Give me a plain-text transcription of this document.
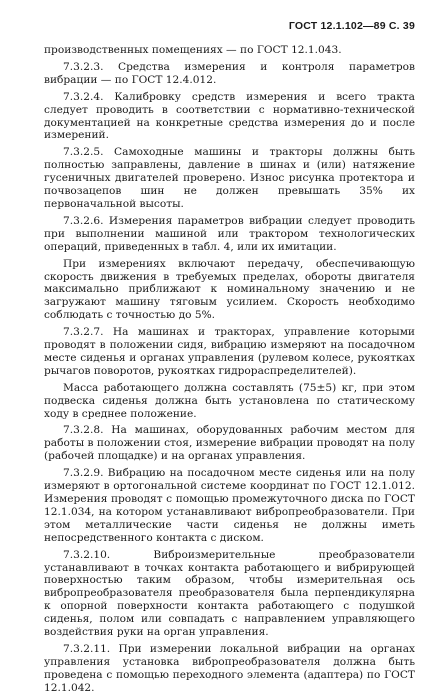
ГОСТ 12.1.102—89 С. 39

производственных помещениях — по ГОСТ 12.1.043.

7.3.2.3. Средства измерения и контроля параметров вибрации — по ГОСТ 12.4.012.

7.3.2.4. Калибровку средств измерения и всего тракта следует проводить в соответствии с нормативно-технической документацией на конкретные средства измерения до и после измерений.

7.3.2.5. Самоходные машины и тракторы должны быть полностью заправлены, давление в шинах и (или) натяжение гусеничных двигателей проверено. Износ рисунка протектора и почвозацепов шин не должен превышать 35% их первоначальной высоты.

7.3.2.6. Измерения параметров вибрации следует проводить при выполнении машиной или трактором технологических операций, приведенных в табл. 4, или их имитации.

При измерениях включают передачу, обеспечивающую скорость движения в требуемых пределах, обороты двигателя максимально приближают к номинальному значению и не загружают машину тяговым усилием. Скорость необходимо соблюдать с точностью до 5%.

7.3.2.7. На машинах и тракторах, управление которыми проводят в положении сидя, вибрацию измеряют на посадочном месте сиденья и органах управления (рулевом колесе, рукоятках рычагов поворотов, рукоятках гидрораспределителей).

Масса работающего должна составлять (75±5) кг, при этом подвеска сиденья должна быть установлена по статическому ходу в среднее положение.

7.3.2.8. На машинах, оборудованных рабочим местом для работы в положении стоя, измерение вибрации проводят на полу (рабочей площадке) и на органах управления.

7.3.2.9. Вибрацию на посадочном месте сиденья или на полу измеряют в ортогональной системе координат по ГОСТ 12.1.012. Измерения проводят с помощью промежуточного диска по ГОСТ 12.1.034, на котором устанавливают вибропреобразователи. При этом металлические части сиденья не должны иметь непосредственного контакта с диском.

7.3.2.10. Виброизмерительные преобразователи устанавливают в точках контакта работающего и вибрирующей поверхностью таким образом, чтобы измерительная ось вибропреобразователя преобразователя была перпендикулярна к опорной поверхности контакта работающего с подушкой сиденья, полом или совпадать с направлением управляющего воздействия руки на орган управления.

7.3.2.11. При измерении локальной вибрации на органах управления установка вибропреобразователя должна быть проведена с помощью переходного элемента (адаптера) по ГОСТ 12.1.042.
